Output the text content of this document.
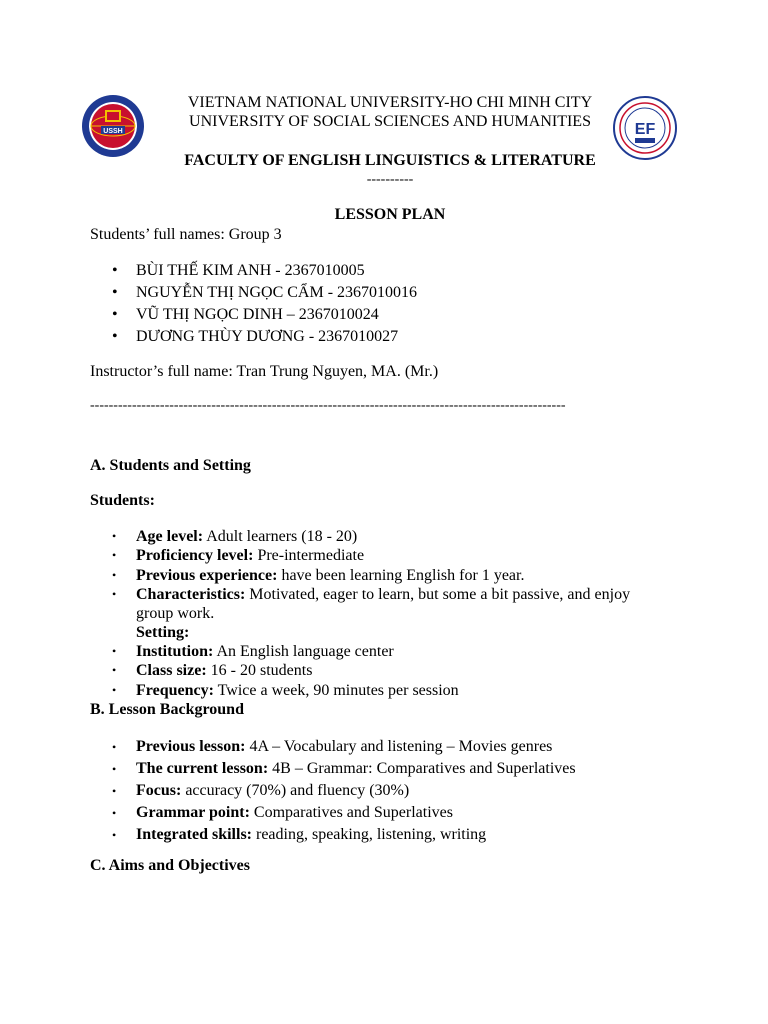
USSH	EF
VIETNAM NATIONAL UNIVERSITY-HO CHI MINH CITY
UNIVERSITY OF SOCIAL SCIENCES AND HUMANITIES
FACULTY OF ENGLISH LINGUISTICS & LITERATURE
----------
LESSON PLAN
Students’ full names: Group 3
• BÙI THẾ KIM ANH - 2367010005
• NGUYỄN THỊ NGỌC CẨM - 2367010016
• VŨ THỊ NGỌC DINH – 2367010024
• DƯƠNG THÙY DƯƠNG - 2367010027
Instructor’s full name: Tran Trung Nguyen, MA. (Mr.)
------------------------------------------------------------------------------------------------------
A. Students and Setting
Students:
• Age level: Adult learners (18 - 20)
• Proficiency level: Pre-intermediate
• Previous experience: have been learning English for 1 year.
• Characteristics: Motivated, eager to learn, but some a bit passive, and enjoy group work.
Setting:
• Institution: An English language center
• Class size: 16 - 20 students
• Frequency: Twice a week, 90 minutes per session
B. Lesson Background
• Previous lesson: 4A – Vocabulary and listening – Movies genres
• The current lesson: 4B – Grammar: Comparatives and Superlatives
• Focus: accuracy (70%) and fluency (30%)
• Grammar point: Comparatives and Superlatives
• Integrated skills: reading, speaking, listening, writing
C. Aims and Objectives
